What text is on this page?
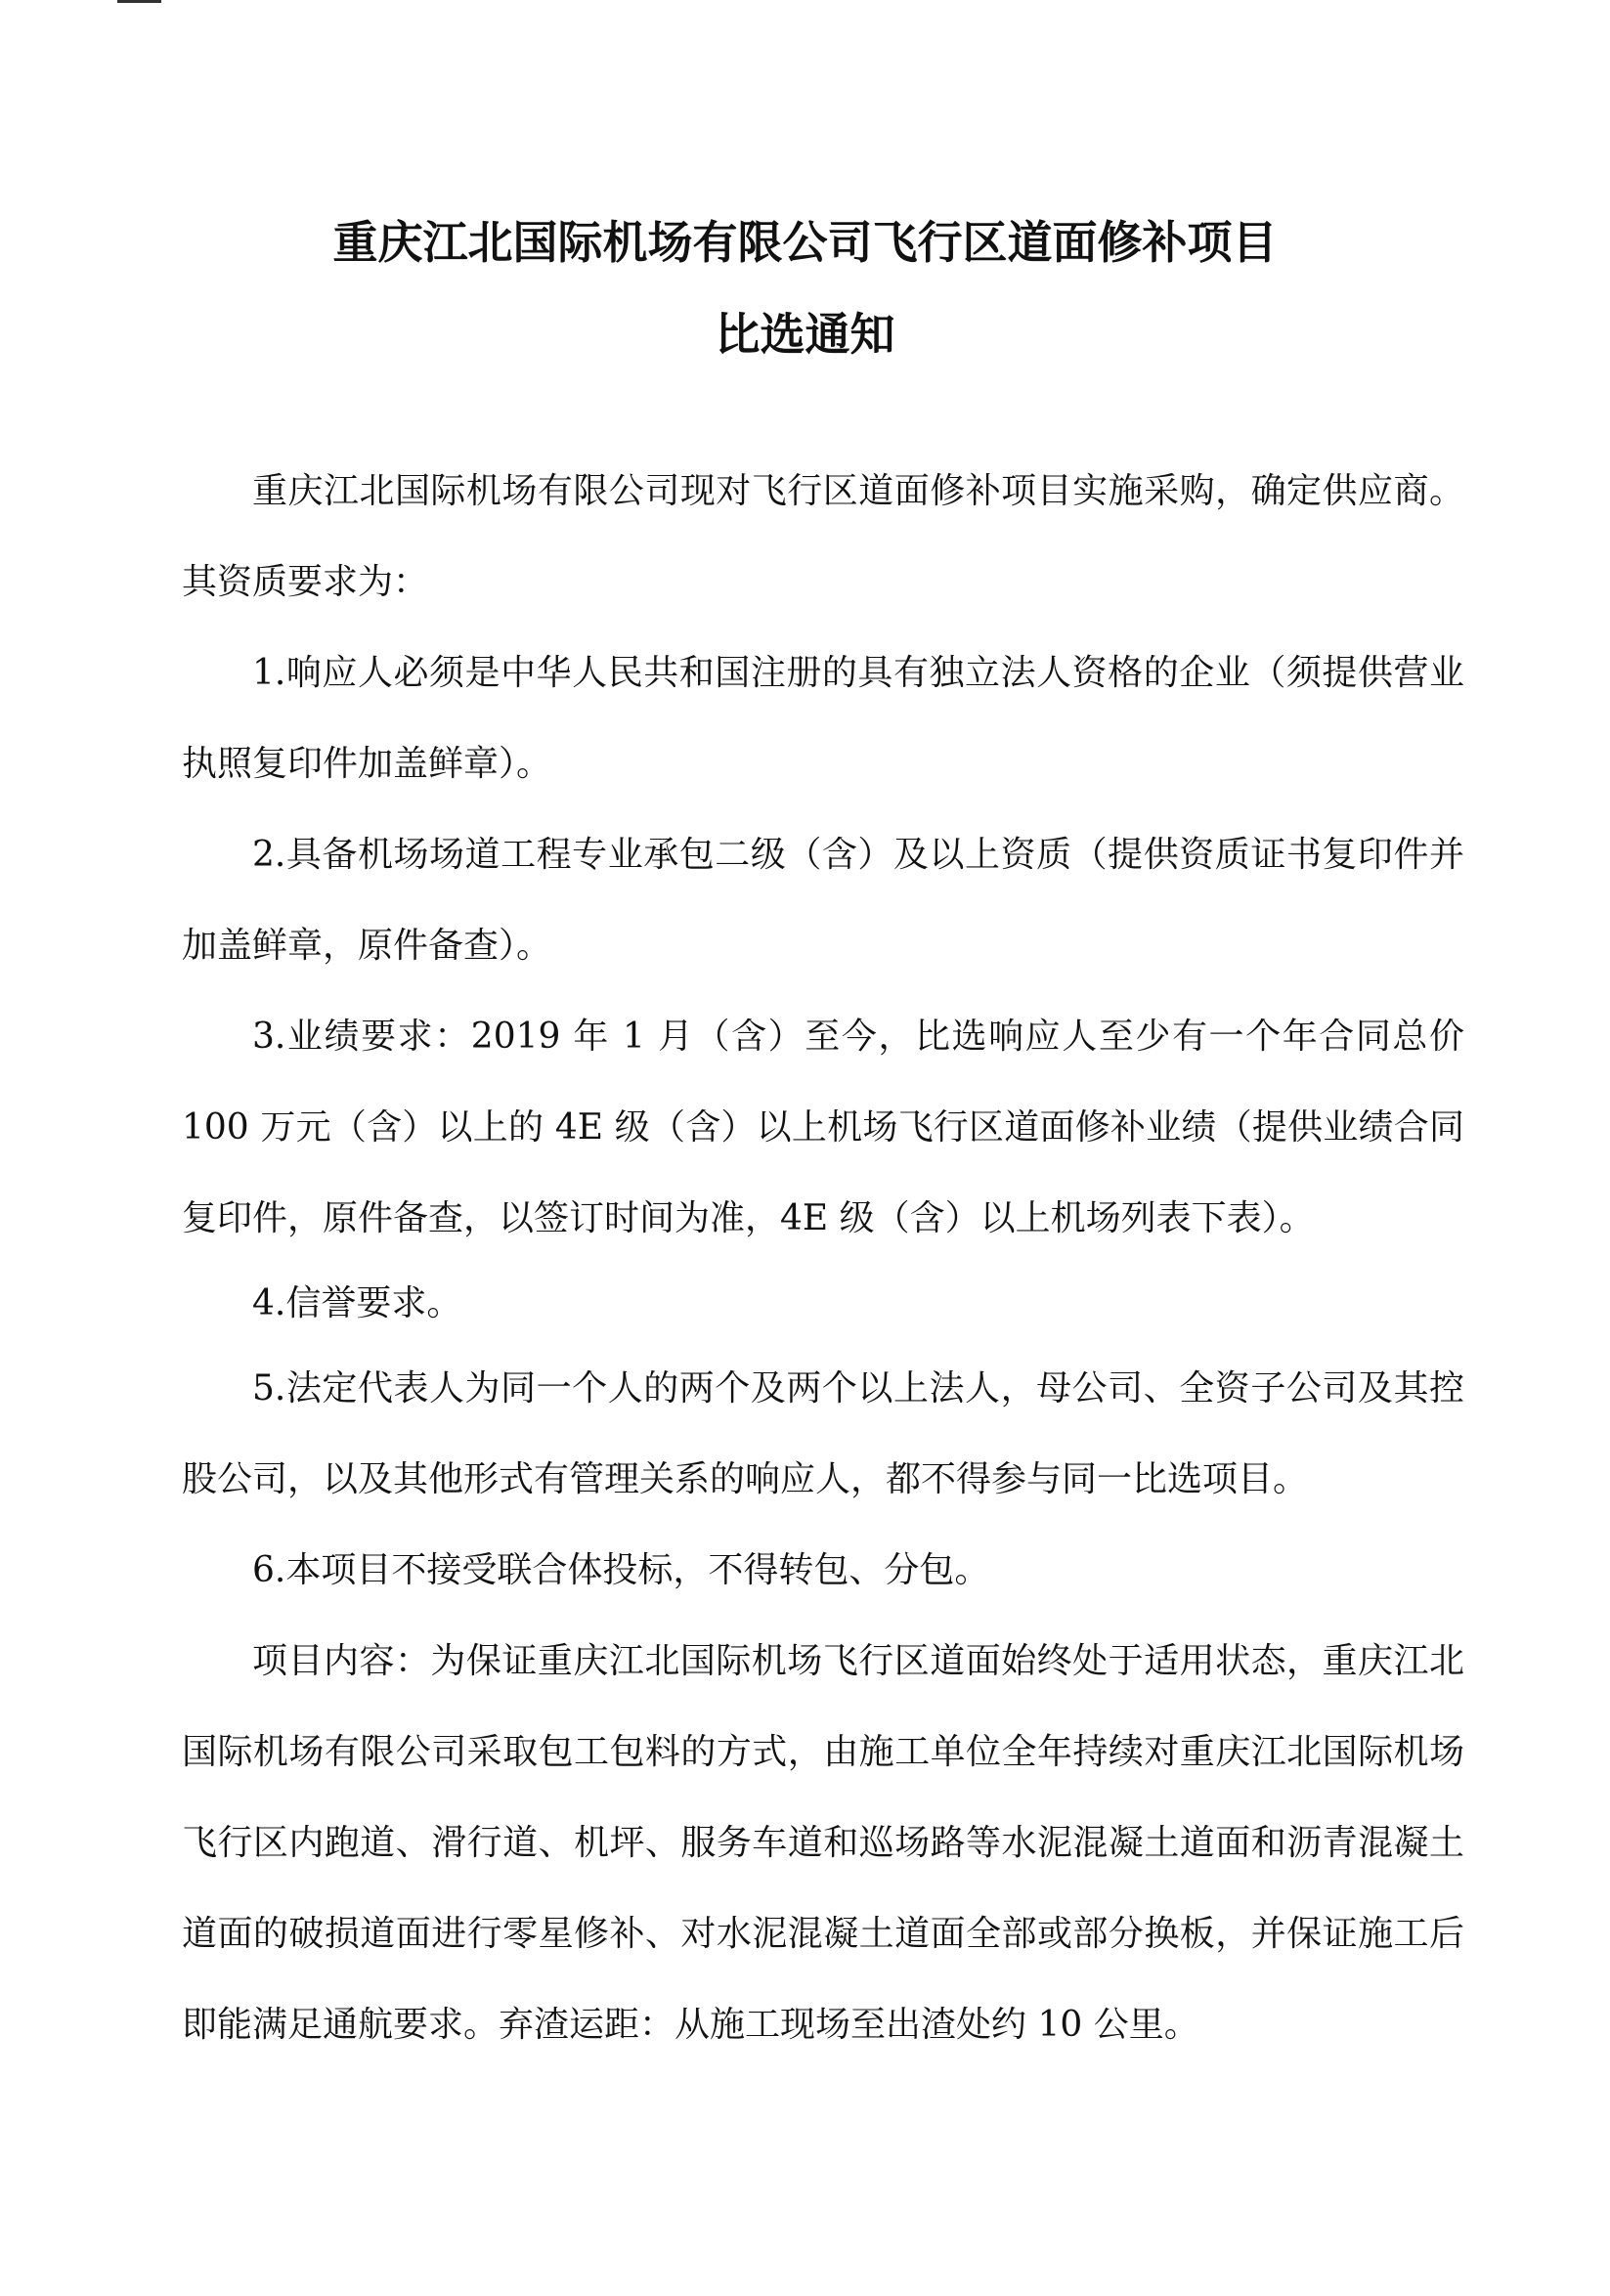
重庆江北国际机场有限公司飞行区道面修补项目
比选通知

重庆江北国际机场有限公司现对飞行区道面修补项目实施采购，确定供应商。其资质要求为：

1.响应人必须是中华人民共和国注册的具有独立法人资格的企业（须提供营业执照复印件加盖鲜章）。

2.具备机场场道工程专业承包二级（含）及以上资质（提供资质证书复印件并加盖鲜章，原件备查）。

3.业绩要求：2019 年 1 月（含）至今，比选响应人至少有一个年合同总价 100 万元（含）以上的 4E 级（含）以上机场飞行区道面修补业绩（提供业绩合同复印件，原件备查，以签订时间为准，4E 级（含）以上机场列表下表）。

4.信誉要求。

5.法定代表人为同一个人的两个及两个以上法人，母公司、全资子公司及其控股公司，以及其他形式有管理关系的响应人，都不得参与同一比选项目。

6.本项目不接受联合体投标，不得转包、分包。

项目内容：为保证重庆江北国际机场飞行区道面始终处于适用状态，重庆江北国际机场有限公司采取包工包料的方式，由施工单位全年持续对重庆江北国际机场飞行区内跑道、滑行道、机坪、服务车道和巡场路等水泥混凝土道面和沥青混凝土道面的破损道面进行零星修补、对水泥混凝土道面全部或部分换板，并保证施工后即能满足通航要求。弃渣运距：从施工现场至出渣处约 10 公里。
